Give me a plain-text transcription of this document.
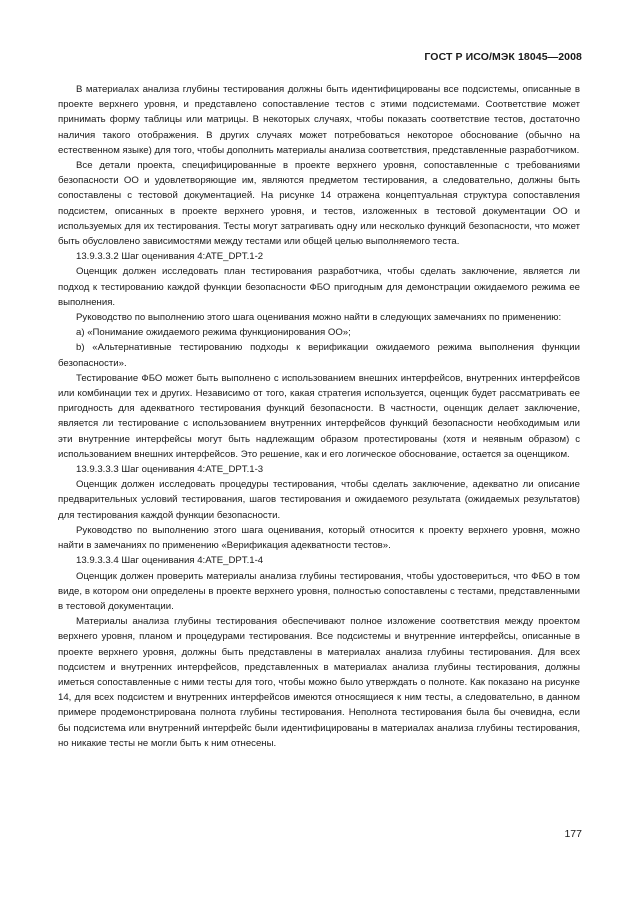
ГОСТ Р ИСО/МЭК 18045—2008

В материалах анализа глубины тестирования должны быть идентифицированы все подсистемы, описанные в проекте верхнего уровня, и представлено сопоставление тестов с этими подсистемами. Соответствие может принимать форму таблицы или матрицы. В некоторых случаях, чтобы показать соответствие тестов, достаточно наличия такого отображения. В других случаях может потребоваться некоторое обоснование (обычно на естественном языке) для того, чтобы дополнить материалы анализа соответствия, представленные разработчиком.

Все детали проекта, специфицированные в проекте верхнего уровня, сопоставленные с требованиями безопасности ОО и удовлетворяющие им, являются предметом тестирования, а следовательно, должны быть сопоставлены с тестовой документацией. На рисунке 14 отражена концептуальная структура сопоставления подсистем, описанных в проекте верхнего уровня, и тестов, изложенных в тестовой документации ОО и используемых для их тестирования. Тесты могут затрагивать одну или несколько функций безопасности, что может быть обусловлено зависимостями между тестами или общей целью выполняемого теста.

13.9.3.3.2 Шаг оценивания 4:ATE_DPT.1-2

Оценщик должен исследовать план тестирования разработчика, чтобы сделать заключение, является ли подход к тестированию каждой функции безопасности ФБО пригодным для демонстрации ожидаемого режима ее выполнения.

Руководство по выполнению этого шага оценивания можно найти в следующих замечаниях по применению:

a) «Понимание ожидаемого режима функционирования ОО»;

b) «Альтернативные тестированию подходы к верификации ожидаемого режима выполнения функции безопасности».

Тестирование ФБО может быть выполнено с использованием внешних интерфейсов, внутренних интерфейсов или комбинации тех и других. Независимо от того, какая стратегия используется, оценщик будет рассматривать ее пригодность для адекватного тестирования функций безопасности. В частности, оценщик делает заключение, является ли тестирование с использованием внутренних интерфейсов функций безопасности необходимым или эти внутренние интерфейсы могут быть надлежащим образом протестированы (хотя и неявным образом) с использованием внешних интерфейсов. Это решение, как и его логическое обоснование, остается за оценщиком.

13.9.3.3.3 Шаг оценивания 4:ATE_DPT.1-3

Оценщик должен исследовать процедуры тестирования, чтобы сделать заключение, адекватно ли описание предварительных условий тестирования, шагов тестирования и ожидаемого результата (ожидаемых результатов) для тестирования каждой функции безопасности.

Руководство по выполнению этого шага оценивания, который относится к проекту верхнего уровня, можно найти в замечаниях по применению «Верификация адекватности тестов».

13.9.3.3.4 Шаг оценивания 4:ATE_DPT.1-4

Оценщик должен проверить материалы анализа глубины тестирования, чтобы удостовериться, что ФБО в том виде, в котором они определены в проекте верхнего уровня, полностью сопоставлены с тестами, представленными в тестовой документации.

Материалы анализа глубины тестирования обеспечивают полное изложение соответствия между проектом верхнего уровня, планом и процедурами тестирования. Все подсистемы и внутренние интерфейсы, описанные в проекте верхнего уровня, должны быть представлены в материалах анализа глубины тестирования. Для всех подсистем и внутренних интерфейсов, представленных в материалах анализа глубины тестирования, должны иметься сопоставленные с ними тесты для того, чтобы можно было утверждать о полноте. Как показано на рисунке 14, для всех подсистем и внутренних интерфейсов имеются относящиеся к ним тесты, а следовательно, в данном примере продемонстрирована полнота глубины тестирования. Неполнота тестирования была бы очевидна, если бы подсистема или внутренний интерфейс были идентифицированы в материалах анализа глубины тестирования, но никакие тесты не могли быть к ним отнесены.

177
